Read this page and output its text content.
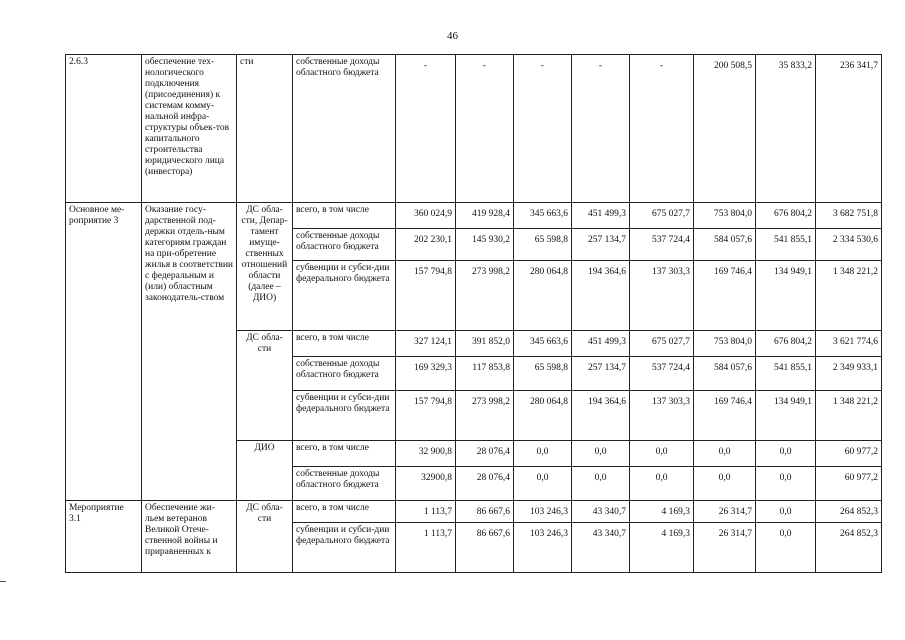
46
2.6.3	обеспечение тех-нологического подключения (присоединения) к системам комму-нальной инфра-структуры объек-тов капитального строительства юридического лица (инвестора)	сти	собственные доходы областного бюджета	-	-	-	-	-	200 508,5	35 833,2	236 341,7
Основное ме-роприятие 3	Оказание госу-дарственной под-держки отдель-ным категориям граждан на при-обретение жилья в соответствии с федеральным и (или) областным законодатель-ством	ДС обла-сти, Депар-тамент имуще-ственных отношений области (далее – ДИО)	всего, в том числе	360 024,9	419 928,4	345 663,6	451 499,3	675 027,7	753 804,0	676 804,2	3 682 751,8
			собственные доходы областного бюджета	202 230,1	145 930,2	65 598,8	257 134,7	537 724,4	584 057,6	541 855,1	2 334 530,6
			субвенции и субси-дии федерального бюджета	157 794,8	273 998,2	280 064,8	194 364,6	137 303,3	169 746,4	134 949,1	1 348 221,2
		ДС обла-сти	всего, в том числе	327 124,1	391 852,0	345 663,6	451 499,3	675 027,7	753 804,0	676 804,2	3 621 774,6
			собственные доходы областного бюджета	169 329,3	117 853,8	65 598,8	257 134,7	537 724,4	584 057,6	541 855,1	2 349 933,1
			субвенции и субси-дии федерального бюджета	157 794,8	273 998,2	280 064,8	194 364,6	137 303,3	169 746,4	134 949,1	1 348 221,2
		ДИО	всего, в том числе	32 900,8	28 076,4	0,0	0,0	0,0	0,0	0,0	60 977,2
			собственные доходы областного бюджета	32900,8	28 076,4	0,0	0,0	0,0	0,0	0,0	60 977,2
Мероприятие 3.1	Обеспечение жи-льем ветеранов Великой Отече-ственной войны и приравненных к	ДС обла-сти	всего, в том числе	1 113,7	86 667,6	103 246,3	43 340,7	4 169,3	26 314,7	0,0	264 852,3
			субвенции и субси-дии федерального бюджета	1 113,7	86 667,6	103 246,3	43 340,7	4 169,3	26 314,7	0,0	264 852,3
